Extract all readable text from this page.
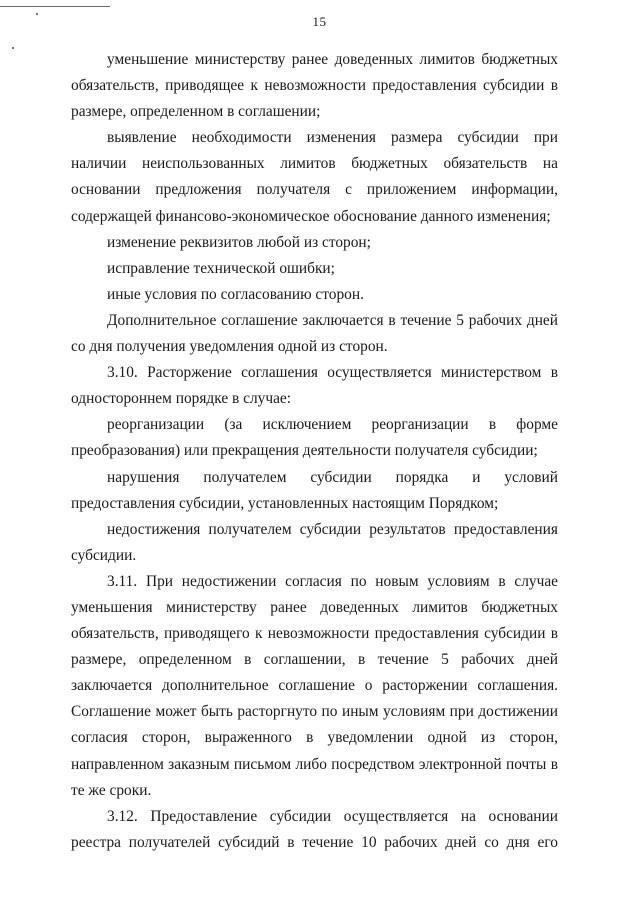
15

уменьшение министерству ранее доведенных лимитов бюджетных обязательств, приводящее к невозможности предоставления субсидии в размере, определенном в соглашении;

выявление необходимости изменения размера субсидии при наличии неиспользованных лимитов бюджетных обязательств на основании предложения получателя с приложением информации, содержащей финансово-экономическое обоснование данного изменения;

изменение реквизитов любой из сторон;

исправление технической ошибки;

иные условия по согласованию сторон.

Дополнительное соглашение заключается в течение 5 рабочих дней со дня получения уведомления одной из сторон.

3.10. Расторжение соглашения осуществляется министерством в одностороннем порядке в случае:

реорганизации (за исключением реорганизации в форме преобразования) или прекращения деятельности получателя субсидии;

нарушения получателем субсидии порядка и условий предоставления субсидии, установленных настоящим Порядком;

недостижения получателем субсидии результатов предоставления субсидии.

3.11. При недостижении согласия по новым условиям в случае уменьшения министерству ранее доведенных лимитов бюджетных обязательств, приводящего к невозможности предоставления субсидии в размере, определенном в соглашении, в течение 5 рабочих дней заключается дополнительное соглашение о расторжении соглашения. Соглашение может быть расторгнуто по иным условиям при достижении согласия сторон, выраженного в уведомлении одной из сторон, направленном заказным письмом либо посредством электронной почты в те же сроки.

3.12. Предоставление субсидии осуществляется на основании реестра получателей субсидий в течение 10 рабочих дней со дня его
